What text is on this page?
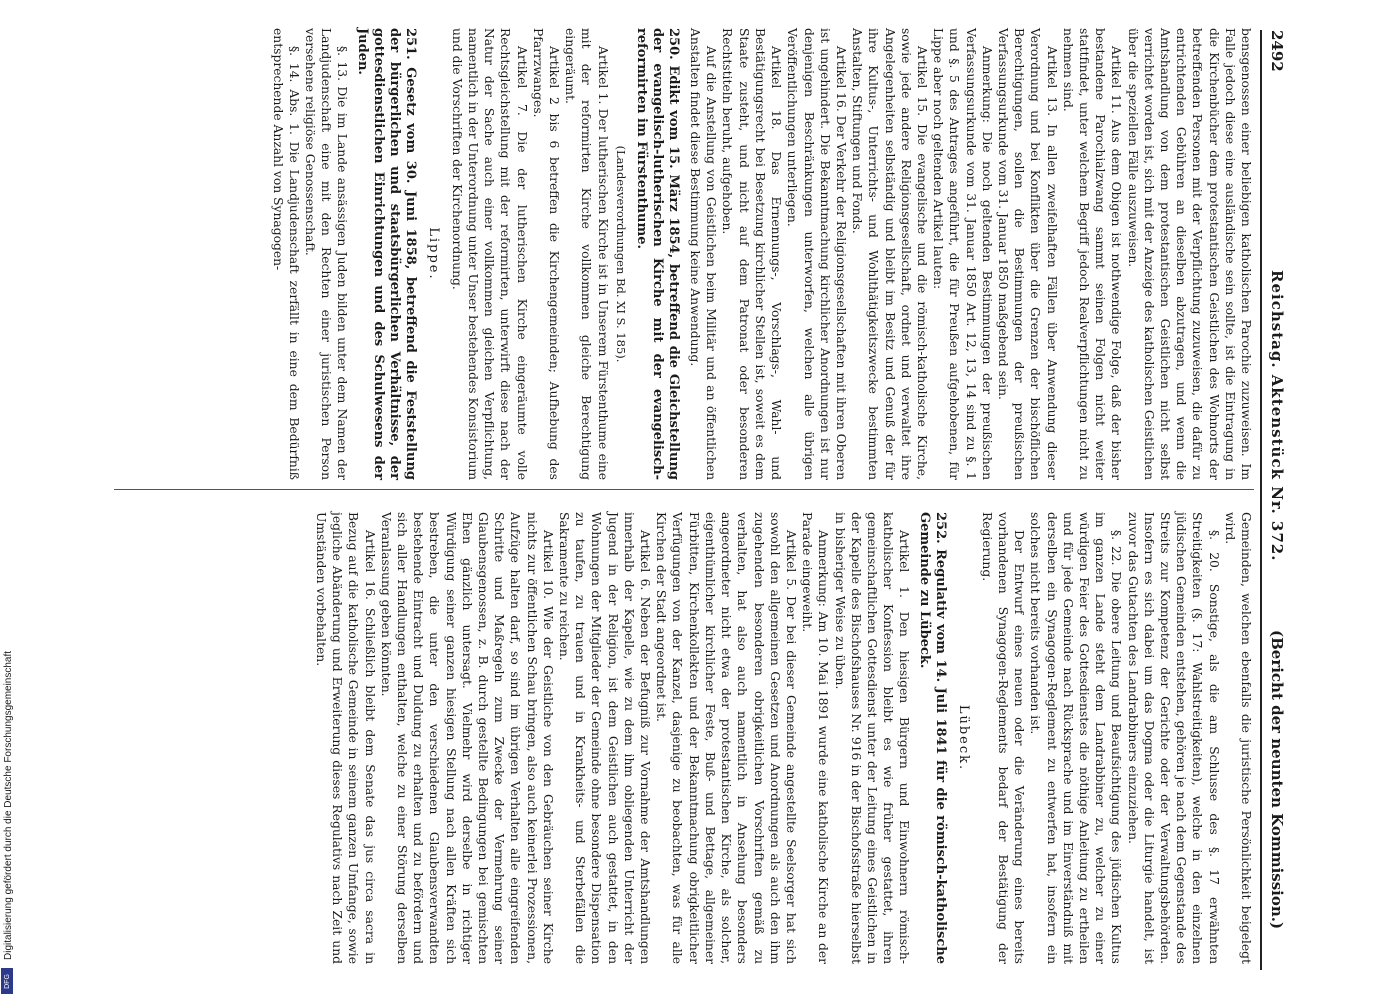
Digitalisierung gefördert durch die Deutsche Forschungsgemeinschaft
DFG
2492
Reichstag. Aktenstück Nr. 372.
(Bericht der neunten Kommission.)

bensgenossen einer beliebigen katholischen Parochie zuzuweisen. Im Falle jedoch diese eine ausländische sein sollte, ist die Eintragung in die Kirchenbücher dem protestantischen Geistlichen des Wohnorts der betreffenden Personen mit der Verpflichtung zuzuweisen, die dafür zu entrichtenden Gebühren an dieselben abzutragen, und wenn die Amtshandlung von dem protestantischen Geistlichen nicht selbst verrichtet worden ist, sich mit der Anzeige des katholischen Geistlichen über die speziellen Fälle auszuweisen.

Artikel 11. Aus dem Obigen ist nothwendige Folge, daß der bisher bestandene Parochialzwang sammt seinen Folgen nicht weiter stattfindet, unter welchem Begriff jedoch Realverpflichtungen nicht zu nehmen sind.

Artikel 13. In allen zweifelhaften Fällen über Anwendung dieser Verordnung und bei Konflikten über die Grenzen der bischöflichen Berechtigungen, sollen die Bestimmungen der preußischen Verfassungsurkunde vom 31. Januar 1850 maßgebend sein.

Anmerkung: Die noch geltenden Bestimmungen der preußischen Verfassungsurkunde vom 31. Januar 1850 Art. 12, 13, 14 sind zu §. 1 und §. 5 des Antrages angeführt, die für Preußen aufgehobenen, für Lippe aber noch geltenden Artikel lauten:

Artikel 15. Die evangelische und die römisch-katholische Kirche, sowie jede andere Religionsgesellschaft, ordnet und verwaltet ihre Angelegenheiten selbständig und bleibt im Besitz und Genuß der für ihre Kultus-, Unterrichts- und Wohlthätigkeitszwecke bestimmten Anstalten, Stiftungen und Fonds.

Artikel 16. Der Verkehr der Religionsgesellschaften mit ihren Oberen ist ungehindert. Die Bekanntmachung kirchlicher Anordnungen ist nur denjenigen Beschränkungen unterworfen, welchen alle übrigen Veröffentlichungen unterliegen.

Artikel 18. Das Ernennungs-, Vorschlags-, Wahl- und Bestätigungsrecht bei Besetzung kirchlicher Stellen ist, soweit es dem Staate zusteht, und nicht auf dem Patronat oder besonderen Rechtstiteln beruht, aufgehoben.

Auf die Anstellung von Geistlichen beim Militär und an öffentlichen Anstalten findet diese Bestimmung keine Anwendung.

250. Edikt vom 15. März 1854, betreffend die Gleichstellung der evangelisch-lutherischen Kirche mit der evangelisch-reformirten im Fürstenthume.

(Landesverordnungen Bd. XI S. 185).

Artikel 1. Der lutherischen Kirche ist in Unserem Fürstenthume eine mit der reformirten Kirche vollkommen gleiche Berechtigung eingeräumt.

Artikel 2 bis 6 betreffen die Kirchengemeinden; Aufhebung des Pfarrzwanges.

Artikel 7. Die der lutherischen Kirche eingeräumte volle Rechtsgleichstellung mit der reformirten, unterwirft diese nach der Natur der Sache auch einer vollkommen gleichen Verpflichtung, namentlich in der Unterordnung unter Unser bestehendes Konsistorium und die Vorschriften der Kirchenordnung.

Lippe.

251. Gesetz vom 30. Juni 1858, betreffend die Feststellung der bürgerlichen und staatsbürgerlichen Verhältnisse, der gottesdienstlichen Einrichtungen und des Schulwesens der Juden.

§. 13. Die im Lande ansässigen Juden bilden unter dem Namen der Landjudenschaft eine mit den Rechten einer juristischen Person versehene religiöse Genossenschaft.

§. 14. Abs. 1. Die Landjudenschaft zerfällt in eine dem Bedürfniß entsprechende Anzahl von Synagogen-

Gemeinden, welchen ebenfalls die juristische Persönlichkeit beigelegt wird.

§. 20. Sonstige, als die am Schlusse des §. 17 erwähnten Streitigkeiten (§. 17: Wahlstreitigkeiten), welche in den einzelnen jüdischen Gemeinden entstehen, gehören je nach dem Gegenstande des Streits zur Kompetenz der Gerichte oder der Verwaltungsbehörden. Insofern es sich dabei um das Dogma oder die Liturgie handelt, ist zuvor das Gutachten des Landrabbiners einzuziehen.

§. 22. Die obere Leitung und Beaufsichtigung des jüdischen Kultus im ganzen Lande steht dem Landrabbiner zu, welcher zu einer würdigen Feier des Gottesdienstes die nöthige Anleitung zu ertheilen und für jede Gemeinde nach Rücksprache und im Einverständniß mit derselben ein Synagogen-Reglement zu entwerfen hat, insofern ein solches nicht bereits vorhanden ist.

Der Entwurf eines neuen oder die Veränderung eines bereits vorhandenen Synagogen-Reglements bedarf der Bestätigung der Regierung.

Lübeck.

252. Regulativ vom 14. Juli 1841 für die römisch-katholische Gemeinde zu Lübeck.

Artikel 1. Den hiesigen Bürgern und Einwohnern römisch-katholischer Konfession bleibt es wie früher gestattet, ihren gemeinschaftlichen Gottesdienst unter der Leitung eines Geistlichen in der Kapelle des Bischofshauses Nr. 916 in der Bischofsstraße hierselbst in bisheriger Weise zu üben.

Anmerkung: Am 10. Mai 1891 wurde eine katholische Kirche an der Parade eingeweiht.

Artikel 5. Der bei dieser Gemeinde angestellte Seelsorger hat sich sowohl den allgemeinen Gesetzen und Anordnungen als auch den ihm zugehenden besonderen obrigkeitlichen Vorschriften gemäß zu verhalten, hat also auch namentlich in Ansehung besonders angeordneter nicht etwa der protestantischen Kirche, als solcher, eigenthümlicher kirchlicher Feste, Buß- und Bettage, allgemeiner Fürbitten, Kirchenkollekten und der Bekanntmachung obrigkeitlicher Verfügungen von der Kanzel, dasjenige zu beobachten, was für alle Kirchen der Stadt angeordnet ist.

Artikel 6. Neben der Befugniß zur Vornahme der Amtshandlungen innerhalb der Kapelle, wie zu dem ihm obliegenden Unterricht der Jugend in der Religion, ist dem Geistlichen auch gestattet, in den Wohnungen der Mitglieder der Gemeinde ohne besondere Dispensation zu taufen, zu trauen und in Krankheits- und Sterbefällen die Sakramente zu reichen.

Artikel 10. Wie der Geistliche von den Gebräuchen seiner Kirche nichts zur öffentlichen Schau bringen, also auch keinerlei Prozessionen, Aufzüge halten darf, so sind im übrigen Verhalten alle eingreifenden Schritte und Maßregeln zum Zwecke der Vermehrung seiner Glaubensgenossen, z. B. durch gestellte Bedingungen bei gemischten Ehen gänzlich untersagt. Vielmehr wird derselbe in richtiger Würdigung seiner ganzen hiesigen Stellung nach allen Kräften sich bestreben, die unter den verschiedenen Glaubensverwandten bestehende Eintracht und Duldung zu erhalten und zu befördern und sich aller Handlungen enthalten, welche zu einer Störung derselben Veranlassung geben könnten.

Artikel 16. Schließlich bleibt dem Senate das jus circa sacra in Bezug auf die katholische Gemeinde in seinem ganzen Umfange, sowie jegliche Abänderung und Erweiterung dieses Regulativs nach Zeit und Umständen vorbehalten.
